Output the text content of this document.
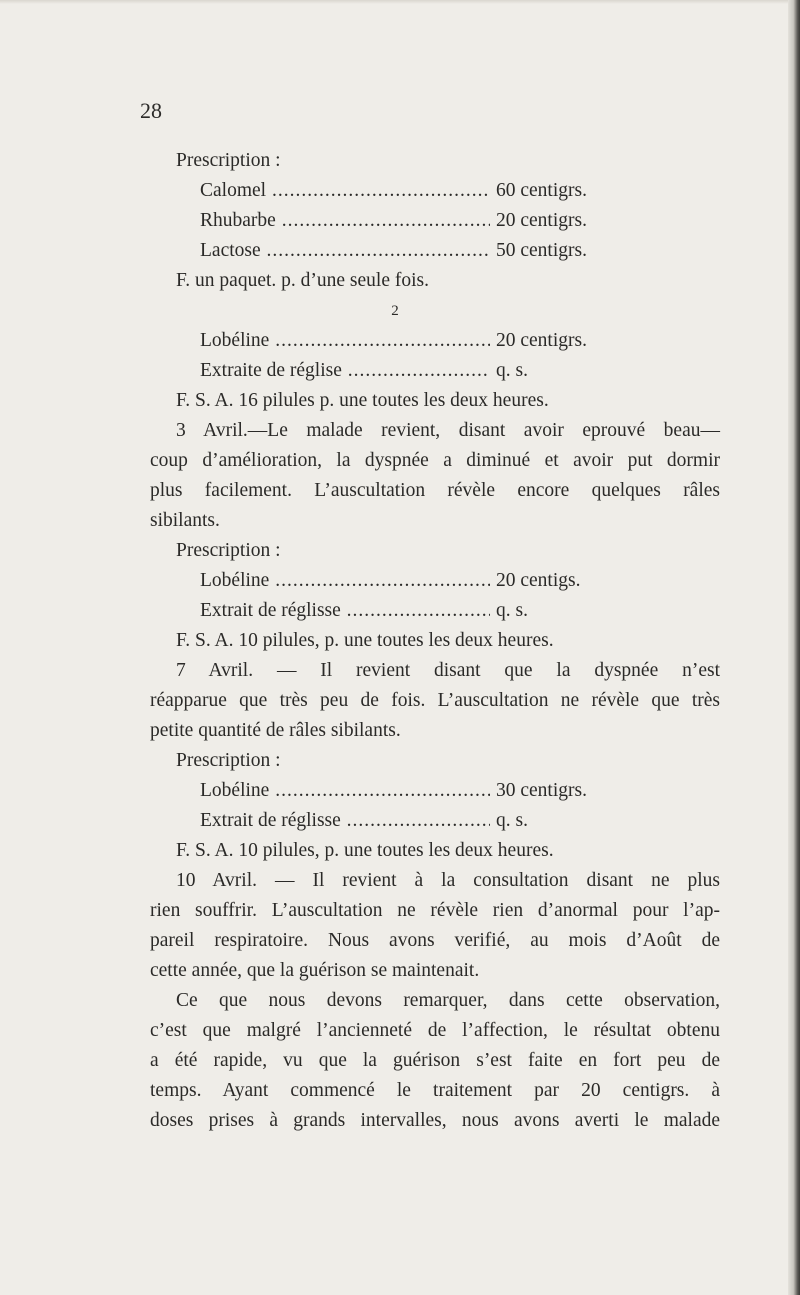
28
Prescription :
Calomel .....	60 centigrs.
Rhubarbe .....	20 centigrs.
Lactose .....	50 centigrs.
F. un paquet. p. d’une seule fois.
2
Lobéline .....	20 centigrs.
Extraite de réglise .....	q. s.
F. S. A. 16 pilules p. une toutes les deux heures.
3 Avril.—Le malade revient, disant avoir eprouvé beau—
coup d’amélioration, la dyspnée a diminué et avoir put dormir
plus facilement. L’auscultation révèle encore quelques râles
sibilants.
Prescription :
Lobéline .....	20 centigs.
Extrait de réglisse .....	q. s.
F. S. A. 10 pilules, p. une toutes les deux heures.
7 Avril. — Il revient disant que la dyspnée n’est
réapparue que très peu de fois. L’auscultation ne révèle que très
petite quantité de râles sibilants.
Prescription :
Lobéline .....	30 centigrs.
Extrait de réglisse .....	q. s.
F. S. A. 10 pilules, p. une toutes les deux heures.
10 Avril. — Il revient à la consultation disant ne plus
rien souffrir. L’auscultation ne révèle rien d’anormal pour l’ap-
pareil respiratoire. Nous avons verifié, au mois d’Août de
cette année, que la guérison se maintenait.
Ce que nous devons remarquer, dans cette observation,
c’est que malgré l’ancienneté de l’affection, le résultat obtenu
a été rapide, vu que la guérison s’est faite en fort peu de
temps. Ayant commencé le traitement par 20 centigrs. à
doses prises à grands intervalles, nous avons averti le malade
